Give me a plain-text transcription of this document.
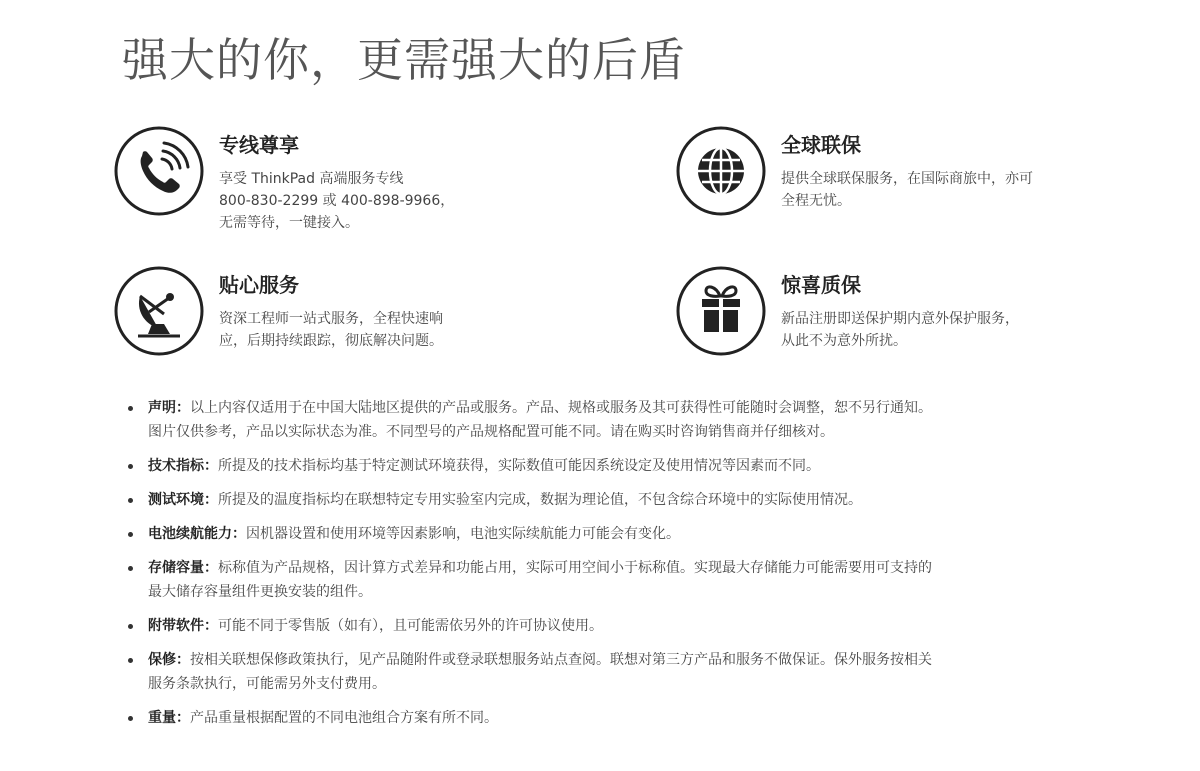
强大的你，更需强大的后盾
专线尊享
享受 ThinkPad 高端服务专线
800-830-2299 或 400-898-9966，
无需等待，一键接入。
全球联保
提供全球联保服务，在国际商旅中，亦可
全程无忧。
贴心服务
资深工程师一站式服务，全程快速响
应，后期持续跟踪，彻底解决问题。
惊喜质保
新品注册即送保护期内意外保护服务，
从此不为意外所扰。
声明：以上内容仅适用于在中国大陆地区提供的产品或服务。产品、规格或服务及其可获得性可能随时会调整，恕不另行通知。
图片仅供参考，产品以实际状态为准。不同型号的产品规格配置可能不同。请在购买时咨询销售商并仔细核对。
技术指标：所提及的技术指标均基于特定测试环境获得，实际数值可能因系统设定及使用情况等因素而不同。
测试环境：所提及的温度指标均在联想特定专用实验室内完成，数据为理论值，不包含综合环境中的实际使用情况。
电池续航能力：因机器设置和使用环境等因素影响，电池实际续航能力可能会有变化。
存储容量：标称值为产品规格，因计算方式差异和功能占用，实际可用空间小于标称值。实现最大存储能力可能需要用可支持的
最大储存容量组件更换安装的组件。
附带软件：可能不同于零售版（如有），且可能需依另外的许可协议使用。
保修：按相关联想保修政策执行，见产品随附件或登录联想服务站点查阅。联想对第三方产品和服务不做保证。保外服务按相关
服务条款执行，可能需另外支付费用。
重量：产品重量根据配置的不同电池组合方案有所不同。
